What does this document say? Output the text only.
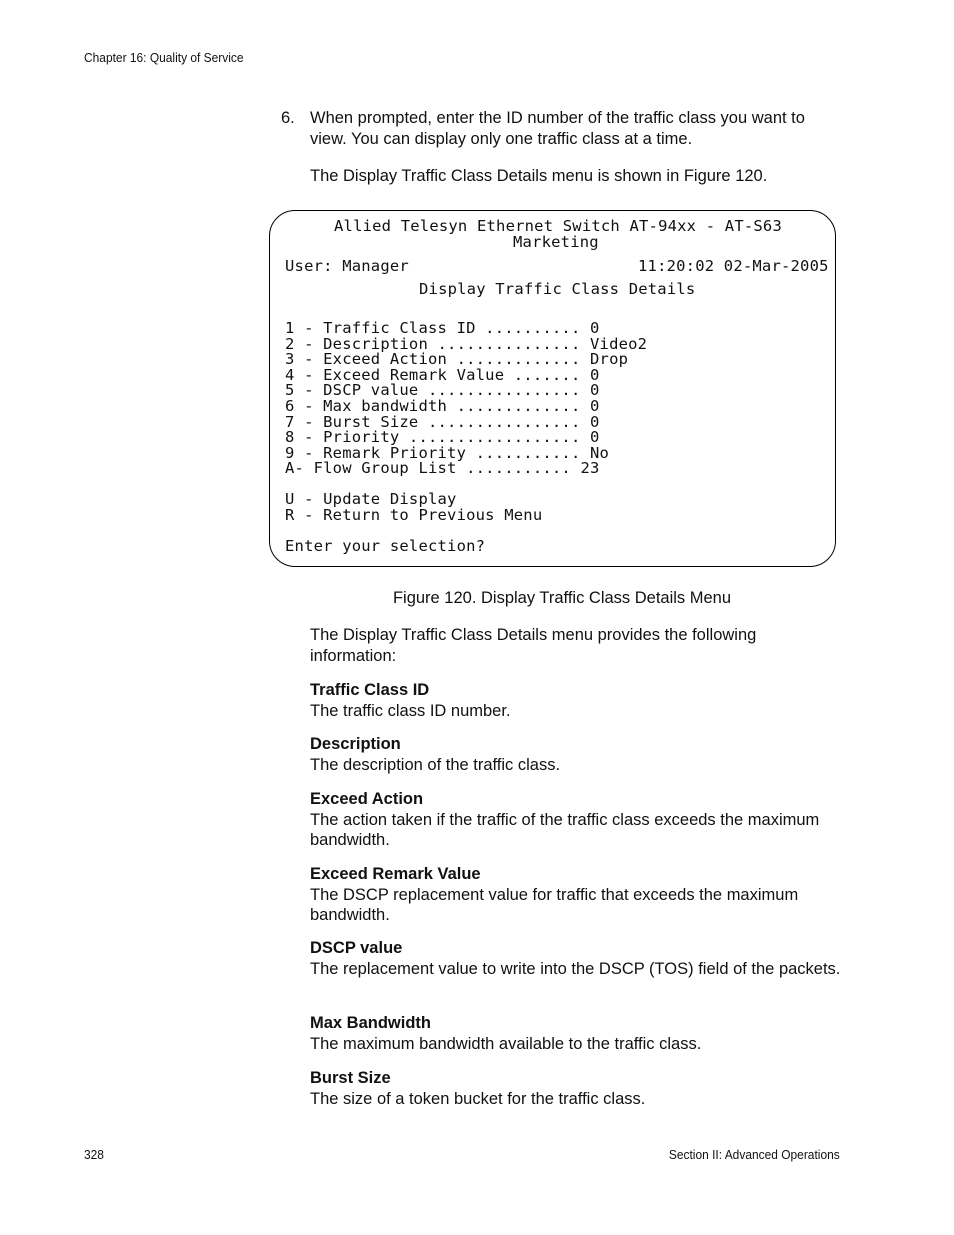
Chapter 16: Quality of Service
6. When prompted, enter the ID number of the traffic class you want to view. You can display only one traffic class at a time.
The Display Traffic Class Details menu is shown in Figure 120.
Allied Telesyn Ethernet Switch AT-94xx - AT-S63
Marketing
User: Manager	11:20:02 02-Mar-2005
Display Traffic Class Details
1 - Traffic Class ID .......... 0
2 - Description ............... Video2
3 - Exceed Action ............. Drop
4 - Exceed Remark Value ....... 0
5 - DSCP value ................ 0
6 - Max bandwidth ............. 0
7 - Burst Size ................ 0
8 - Priority .................. 0
9 - Remark Priority ........... No
A- Flow Group List ........... 23
U - Update Display
R - Return to Previous Menu
Enter your selection?
Figure 120. Display Traffic Class Details Menu
The Display Traffic Class Details menu provides the following information:
Traffic Class ID
The traffic class ID number.
Description
The description of the traffic class.
Exceed Action
The action taken if the traffic of the traffic class exceeds the maximum bandwidth.
Exceed Remark Value
The DSCP replacement value for traffic that exceeds the maximum bandwidth.
DSCP value
The replacement value to write into the DSCP (TOS) field of the packets.
Max Bandwidth
The maximum bandwidth available to the traffic class.
Burst Size
The size of a token bucket for the traffic class.
328	Section II: Advanced Operations
